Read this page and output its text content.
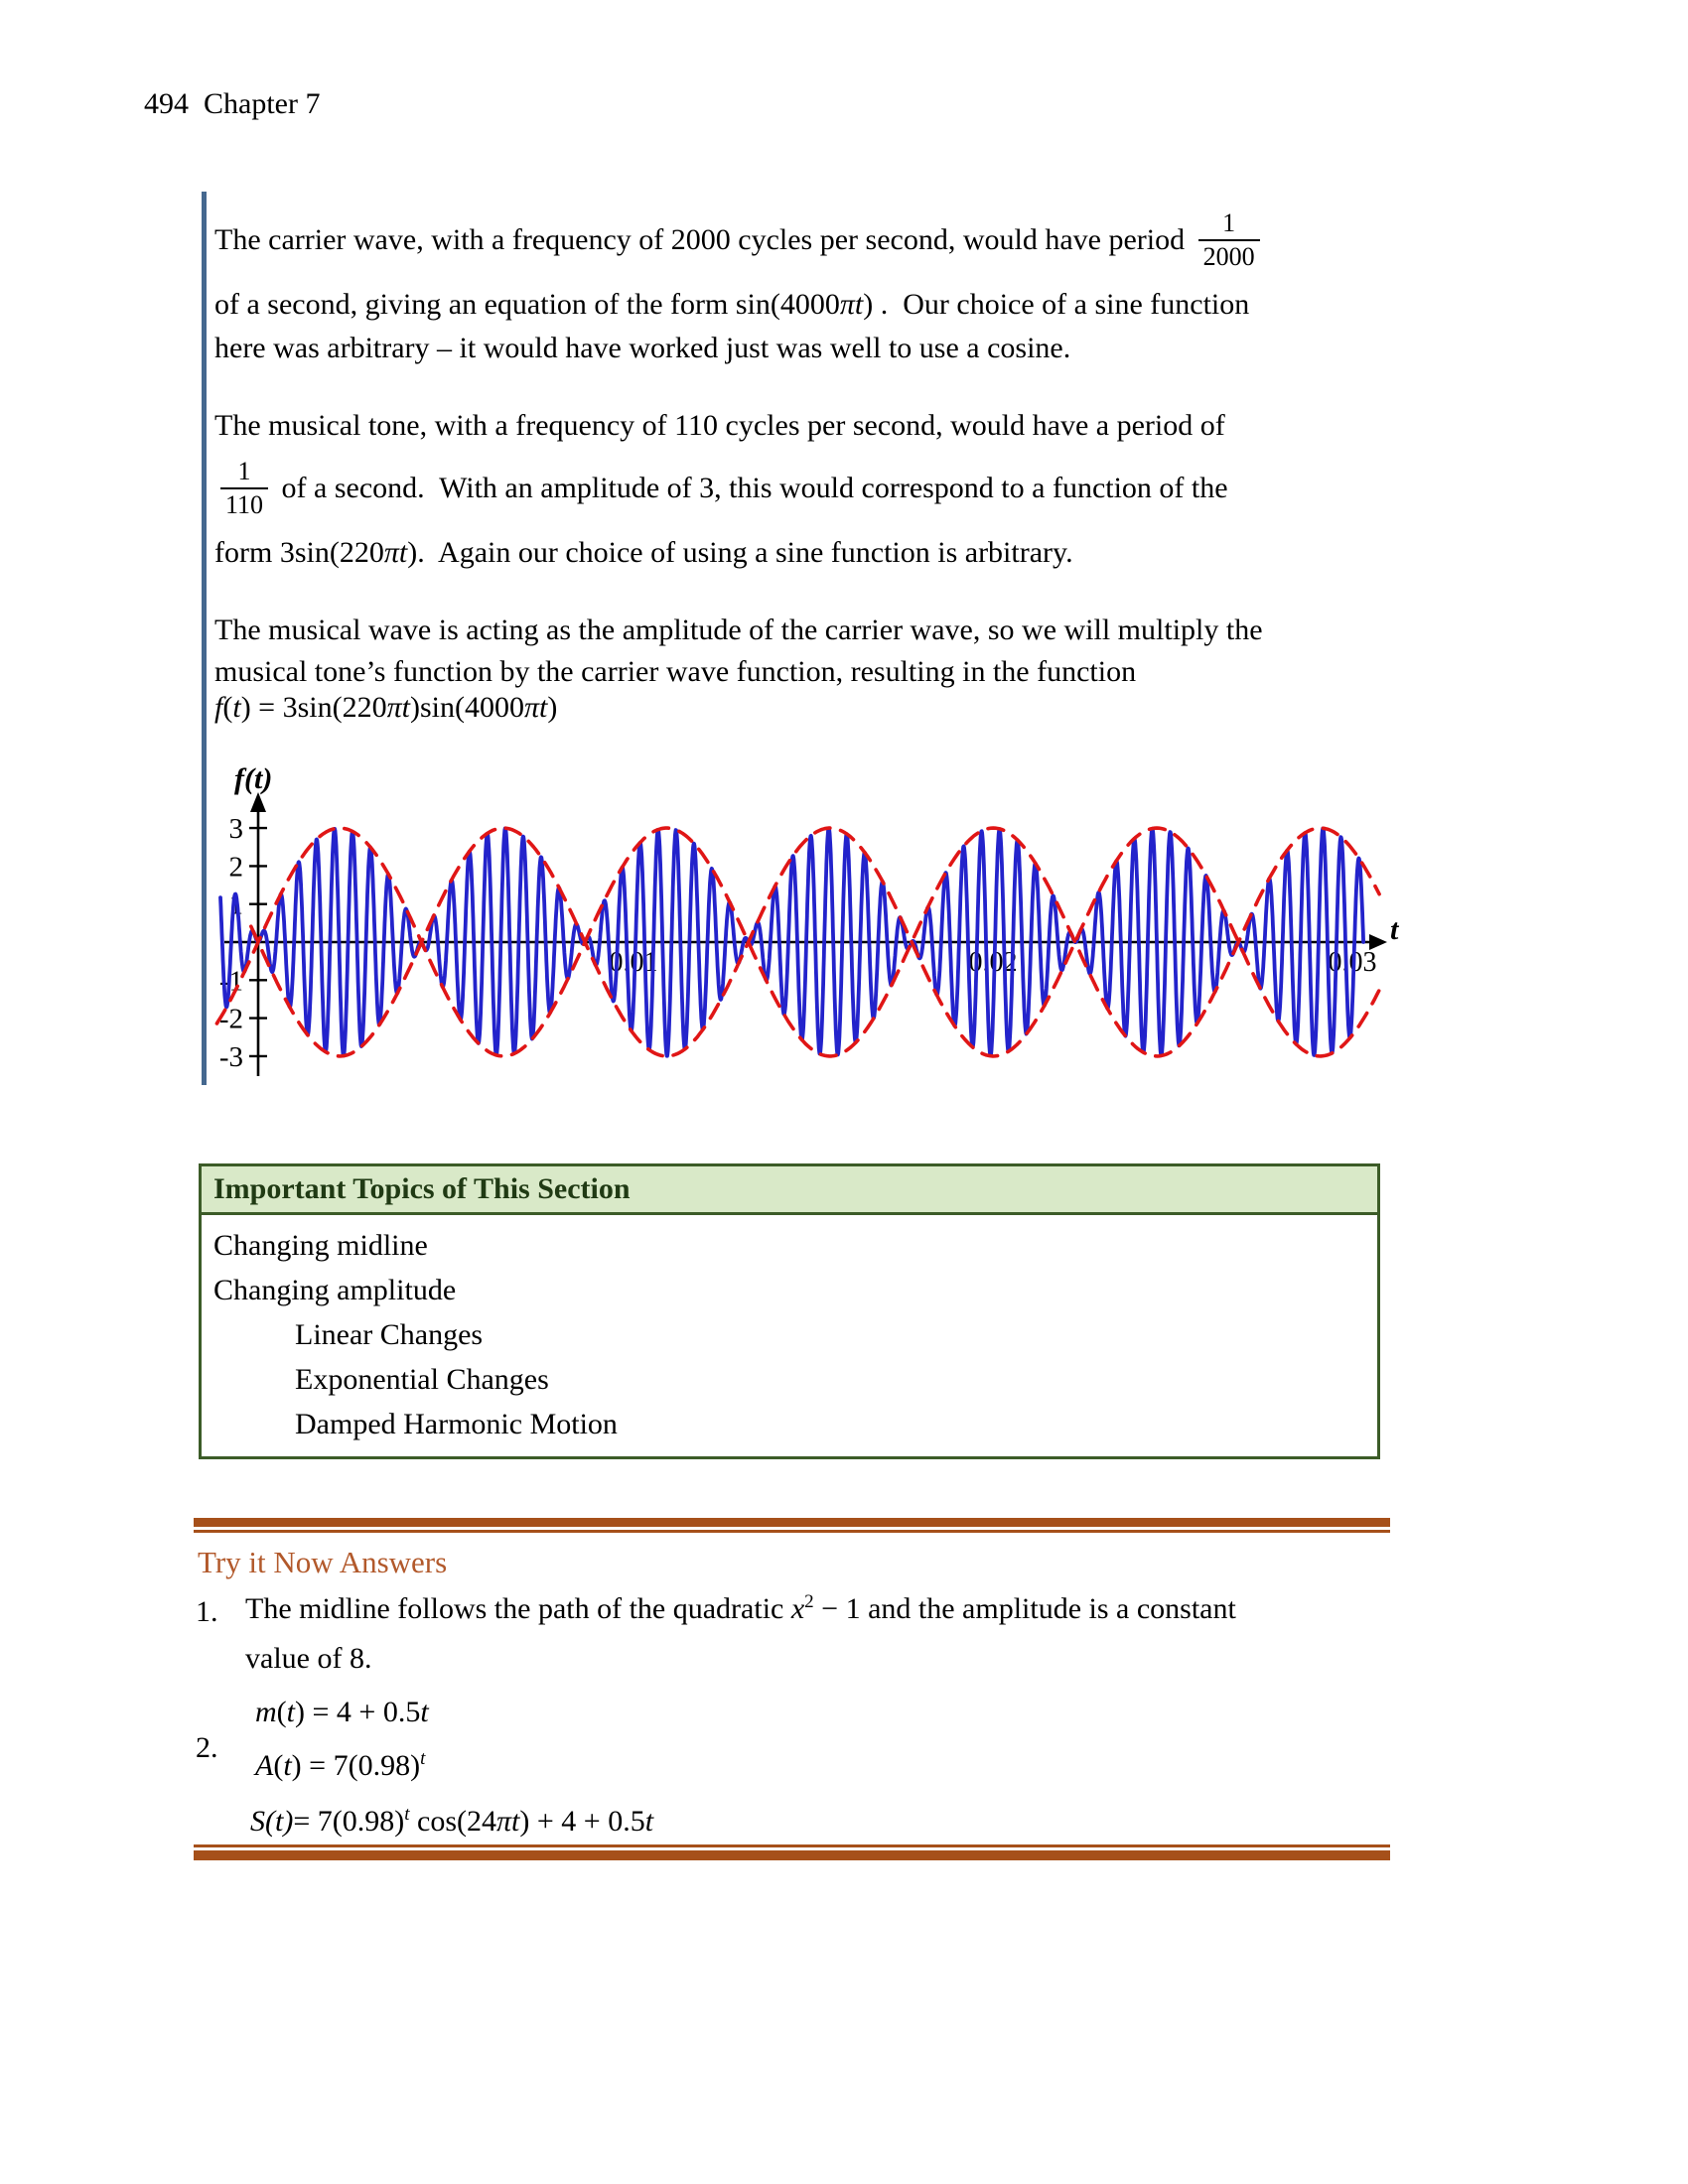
494  Chapter 7
The carrier wave, with a frequency of 2000 cycles per second, would have period $\frac{1}{2000}$
of a second, giving an equation of the form sin(4000πt) .  Our choice of a sine function
here was arbitrary – it would have worked just was well to use a cosine.
The musical tone, with a frequency of 110 cycles per second, would have a period of
$\frac{1}{110}$ of a second.  With an amplitude of 3, this would correspond to a function of the
form 3sin(220πt).  Again our choice of using a sine function is arbitrary.
The musical wave is acting as the amplitude of the carrier wave, so we will multiply the
musical tone’s function by the carrier wave function, resulting in the function
f(t) = 3sin(220πt)sin(4000πt)
3
2
1
-1
-2
-3
0.01	0.02	0.03
f(t)
t
Important Topics of This Section
Changing midline
Changing amplitude
Linear Changes
Exponential Changes
Damped Harmonic Motion
Try it Now Answers
1. The midline follows the path of the quadratic $x^2 - 1$ and the amplitude is a constant
value of 8.
2.
m(t) = 4 + 0.5t
$A(t) = 7(0.98)^t$
$S(t)= 7(0.98)^t$ cos(24πt) + 4 + 0.5t
